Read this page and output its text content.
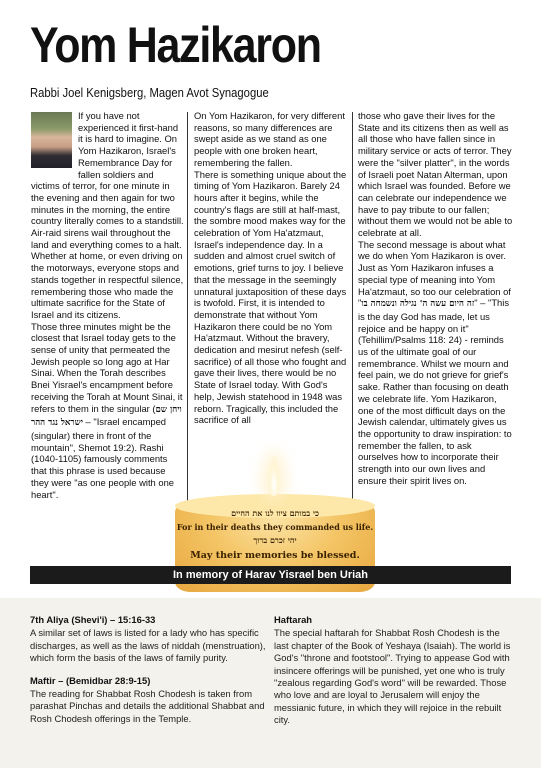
Yom Hazikaron
Rabbi Joel Kenigsberg, Magen Avot Synagogue

If you have not experienced it first-hand it is hard to imagine. On Yom Hazikaron, Israel's Remembrance Day for fallen soldiers and victims of terror, for one minute in the evening and then again for two minutes in the morning, the entire country literally comes to a standstill. Air-raid sirens wail throughout the land and everything comes to a halt. Whether at home, or even driving on the motorways, everyone stops and stands together in respectful silence, remembering those who made the ultimate sacrifice for the State of Israel and its citizens.

Those three minutes might be the closest that Israel today gets to the sense of unity that permeated the Jewish people so long ago at Har Sinai. When the Torah describes Bnei Yisrael's encampment before receiving the Torah at Mount Sinai, it refers to them in the singular (ויחן שם ישראל נגד ההר – "Israel encamped (singular) there in front of the mountain", Shemot 19:2). Rashi (1040-1105) famously comments that this phrase is used because they were "as one people with one heart".

On Yom Hazikaron, for very different reasons, so many differences are swept aside as we stand as one people with one broken heart, remembering the fallen.

There is something unique about the timing of Yom Hazikaron. Barely 24 hours after it begins, while the country's flags are still at half-mast, the sombre mood makes way for the celebration of Yom Ha'atzmaut, Israel's independence day. In a sudden and almost cruel switch of emotions, grief turns to joy. I believe that the message in the seemingly unnatural juxtaposition of these days is twofold. First, it is intended to demonstrate that without Yom Hazikaron there could be no Yom Ha'atzmaut. Without the bravery, dedication and mesirut nefesh (self-sacrifice) of all those who fought and gave their lives, there would be no State of Israel today. With God's help, Jewish statehood in 1948 was reborn. Tragically, this included the sacrifice of all

those who gave their lives for the State and its citizens then as well as all those who have fallen since in military service or acts of terror. They were the "silver platter", in the words of Israeli poet Natan Alterman, upon which Israel was founded. Before we can celebrate our independence we have to pay tribute to our fallen; without them we would not be able to celebrate at all.

The second message is about what we do when Yom Hazikaron is over. Just as Yom Hazikaron infuses a special type of meaning into Yom Ha'atzmaut, so too our celebration of "זה היום עשה ה' נגילה ונשמחה בו" – "This is the day God has made, let us rejoice and be happy on it" (Tehillim/Psalms 118: 24) - reminds us of the ultimate goal of our remembrance. Whilst we mourn and feel pain, we do not grieve for grief's sake. Rather than focusing on death we celebrate life. Yom Hazikaron, one of the most difficult days on the Jewish calendar, ultimately gives us the opportunity to draw inspiration: to remember the fallen, to ask ourselves how to incorporate their strength into our own lives and ensure their spirit lives on.

כי במותם ציוו לנו את החיים
For in their deaths they commanded us life.
יהי זכרם ברוך
May their memories be blessed.
In memory of Harav Yisrael ben Uriah
7th Aliya (Shevi'i) – 15:16-33

A similar set of laws is listed for a lady who has specific discharges, as well as the laws of niddah (menstruation), which form the basis of the laws of family purity.

Maftir – (Bemidbar 28:9-15)

The reading for Shabbat Rosh Chodesh is taken from parashat Pinchas and details the additional Shabbat and Rosh Chodesh offerings in the Temple.

Haftarah

The special haftarah for Shabbat Rosh Chodesh is the last chapter of the Book of Yeshaya (Isaiah). The world is God's "throne and footstool". Trying to appease God with insincere offerings will be punished, yet one who is truly "zealous regarding God's word" will be rewarded. Those who love and are loyal to Jerusalem will enjoy the messianic future, in which they will rejoice in the rebuilt city.
